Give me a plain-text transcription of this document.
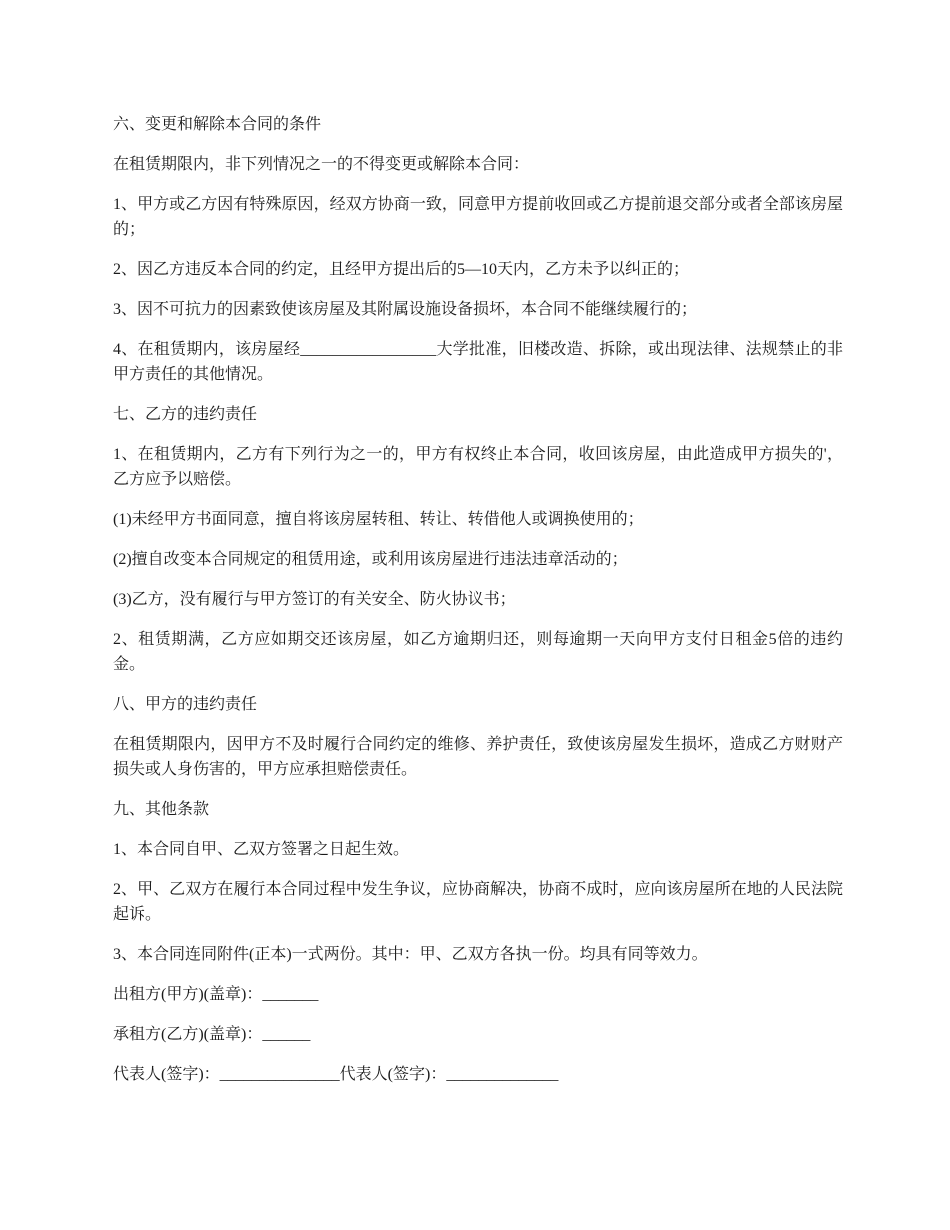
六、变更和解除本合同的条件

在租赁期限内，非下列情况之一的不得变更或解除本合同：

1、甲方或乙方因有特殊原因，经双方协商一致，同意甲方提前收回或乙方提前退交部分或者全部该房屋的；

2、因乙方违反本合同的约定，且经甲方提出后的5—10天内，乙方未予以纠正的；

3、因不可抗力的因素致使该房屋及其附属设施设备损坏，本合同不能继续履行的；

4、在租赁期内，该房屋经_________________大学批准，旧楼改造、拆除，或出现法律、法规禁止的非甲方责任的其他情况。

七、乙方的违约责任

1、在租赁期内，乙方有下列行为之一的，甲方有权终止本合同，收回该房屋，由此造成甲方损失的'，乙方应予以赔偿。

(1)未经甲方书面同意，擅自将该房屋转租、转让、转借他人或调换使用的；

(2)擅自改变本合同规定的租赁用途，或利用该房屋进行违法违章活动的；

(3)乙方，没有履行与甲方签订的有关安全、防火协议书；

2、租赁期满，乙方应如期交还该房屋，如乙方逾期归还，则每逾期一天向甲方支付日租金5倍的违约金。

八、甲方的违约责任

在租赁期限内，因甲方不及时履行合同约定的维修、养护责任，致使该房屋发生损坏，造成乙方财财产损失或人身伤害的，甲方应承担赔偿责任。

九、其他条款

1、本合同自甲、乙双方签署之日起生效。

2、甲、乙双方在履行本合同过程中发生争议，应协商解决，协商不成时，应向该房屋所在地的人民法院起诉。

3、本合同连同附件(正本)一式两份。其中：甲、乙双方各执一份。均具有同等效力。

出租方(甲方)(盖章)：_______

承租方(乙方)(盖章)：______

代表人(签字)：_______________代表人(签字)：______________
